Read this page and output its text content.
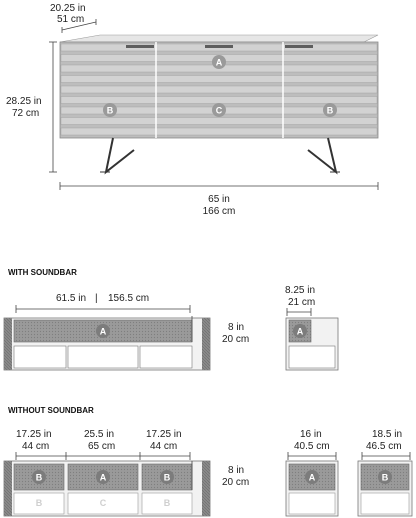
20.25 in
51 cm
28.25 in
72 cm
A
B	C	B
65 in
166 cm
WITH SOUNDBAR
61.5 in | 156.5 cm
A	8 in
20 cm
8.25 in
21 cm
A
WITHOUT SOUNDBAR
17.25 in
44 cm
25.5 in
65 cm
17.25 in
44 cm
B	A	B
B	C	B
8 in
20 cm
16 in
40.5 cm
A
18.5 in
46.5 cm
B
